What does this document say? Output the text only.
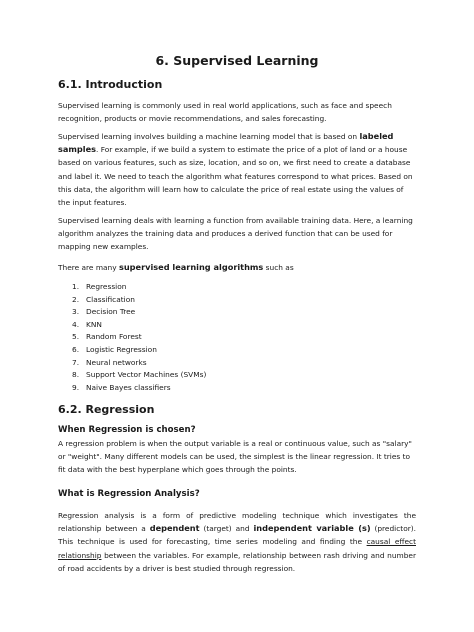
6. Supervised Learning
6.1. Introduction
Supervised learning is commonly used in real world applications, such as face and speech recognition, products or movie recommendations, and sales forecasting.
Supervised learning involves building a machine learning model that is based on labeled samples. For example, if we build a system to estimate the price of a plot of land or a house based on various features, such as size, location, and so on, we first need to create a database and label it. We need to teach the algorithm what features correspond to what prices. Based on this data, the algorithm will learn how to calculate the price of real estate using the values of the input features.
Supervised learning deals with learning a function from available training data. Here, a learning algorithm analyzes the training data and produces a derived function that can be used for mapping new examples.
There are many supervised learning algorithms such as
1. Regression
2. Classification
3. Decision Tree
4. KNN
5. Random Forest
6. Logistic Regression
7. Neural networks
8. Support Vector Machines (SVMs)
9. Naive Bayes classifiers
6.2. Regression
When Regression is chosen?
A regression problem is when the output variable is a real or continuous value, such as "salary" or "weight". Many different models can be used, the simplest is the linear regression. It tries to fit data with the best hyperplane which goes through the points.
What is Regression Analysis?
Regression analysis is a form of predictive modeling technique which investigates the relationship between a dependent (target) and independent variable (s) (predictor). This technique is used for forecasting, time series modeling and finding the causal effect relationship between the variables. For example, relationship between rash driving and number of road accidents by a driver is best studied through regression.
